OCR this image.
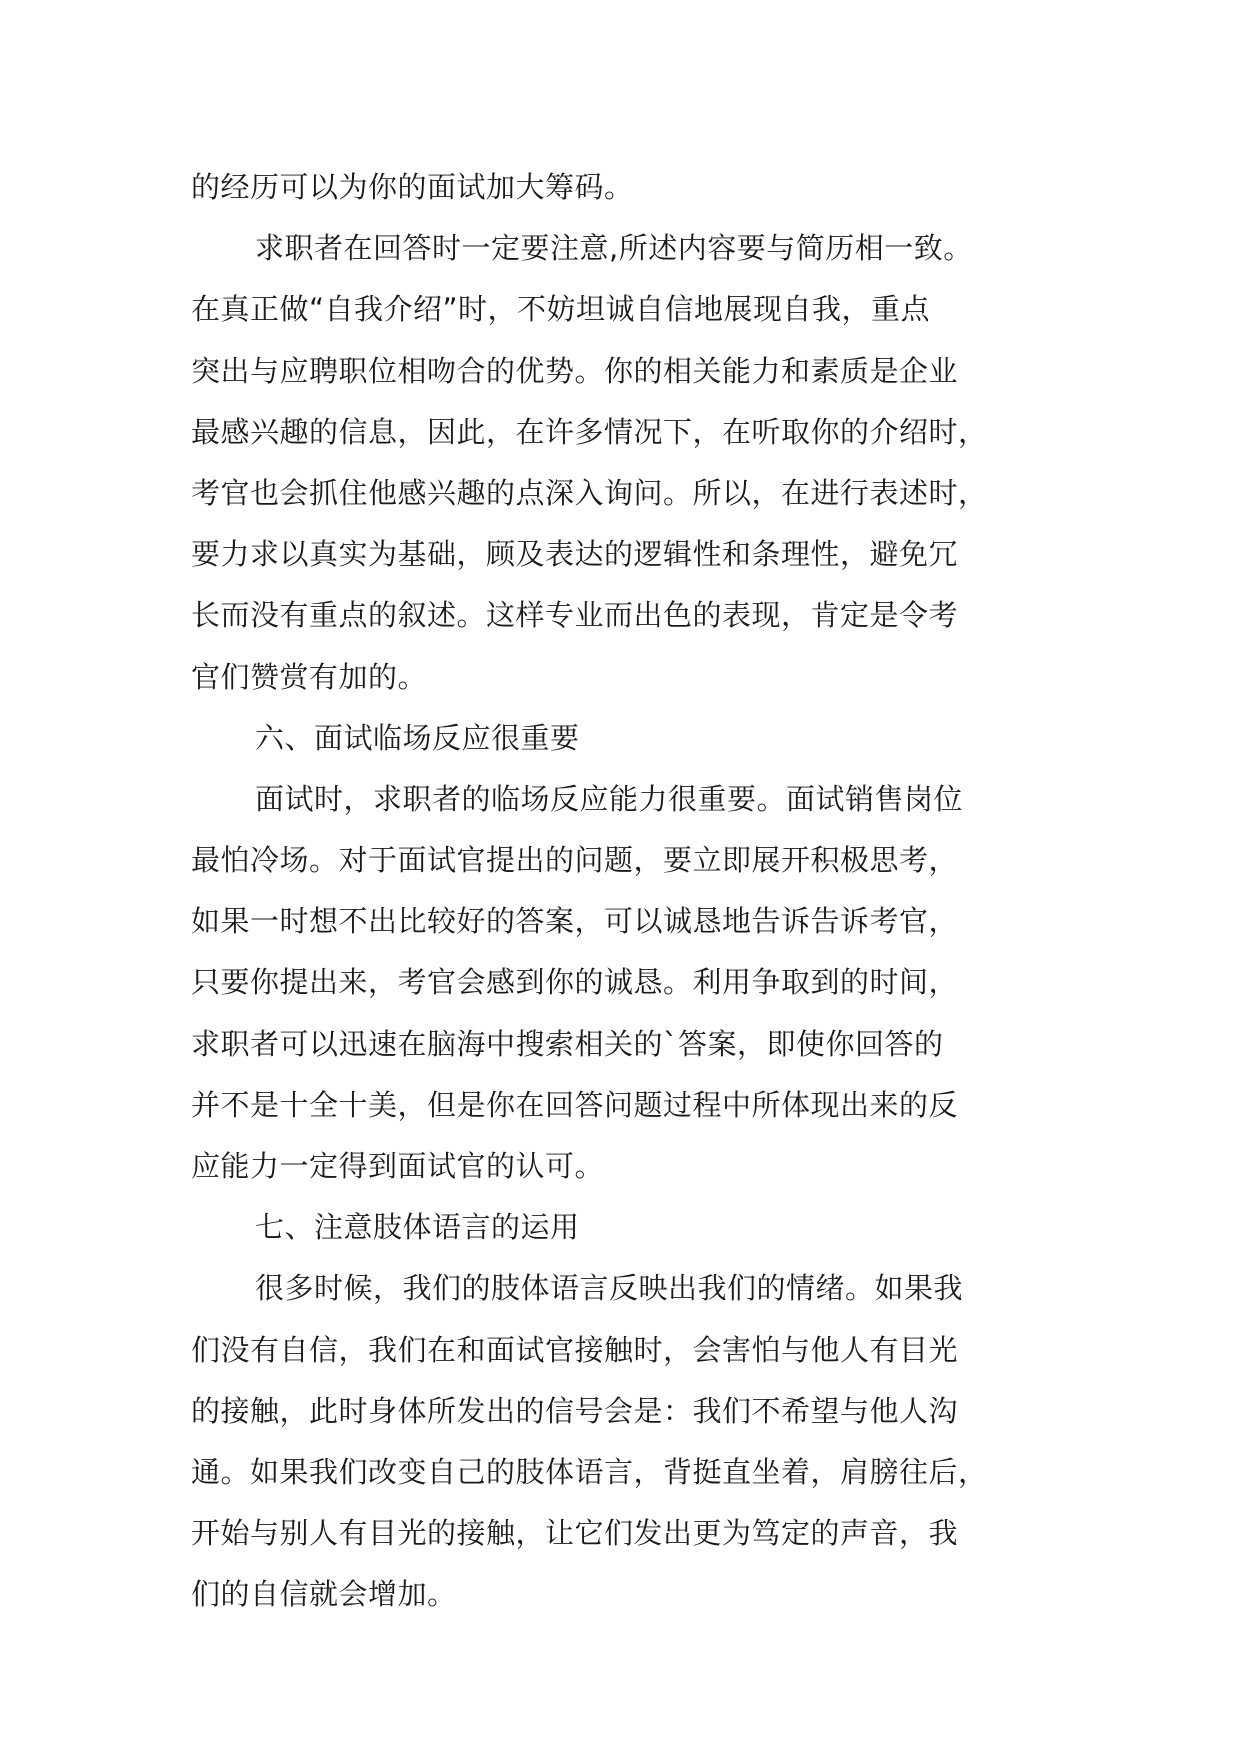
的经历可以为你的面试加大筹码。
求职者在回答时一定要注意,所述内容要与简历相一致。
在真正做“自我介绍”时，不妨坦诚自信地展现自我，重点
突出与应聘职位相吻合的优势。你的相关能力和素质是企业
最感兴趣的信息，因此，在许多情况下，在听取你的介绍时，
考官也会抓住他感兴趣的点深入询问。所以，在进行表述时，
要力求以真实为基础，顾及表达的逻辑性和条理性，避免冗
长而没有重点的叙述。这样专业而出色的表现，肯定是令考
官们赞赏有加的。
六、面试临场反应很重要
面试时，求职者的临场反应能力很重要。面试销售岗位
最怕冷场。对于面试官提出的问题，要立即展开积极思考，
如果一时想不出比较好的答案，可以诚恳地告诉告诉考官，
只要你提出来，考官会感到你的诚恳。利用争取到的时间，
求职者可以迅速在脑海中搜索相关的`答案，即使你回答的
并不是十全十美，但是你在回答问题过程中所体现出来的反
应能力一定得到面试官的认可。
七、注意肢体语言的运用
很多时候，我们的肢体语言反映出我们的情绪。如果我
们没有自信，我们在和面试官接触时，会害怕与他人有目光
的接触，此时身体所发出的信号会是：我们不希望与他人沟
通。如果我们改变自己的肢体语言，背挺直坐着，肩膀往后，
开始与别人有目光的接触，让它们发出更为笃定的声音，我
们的自信就会增加。
